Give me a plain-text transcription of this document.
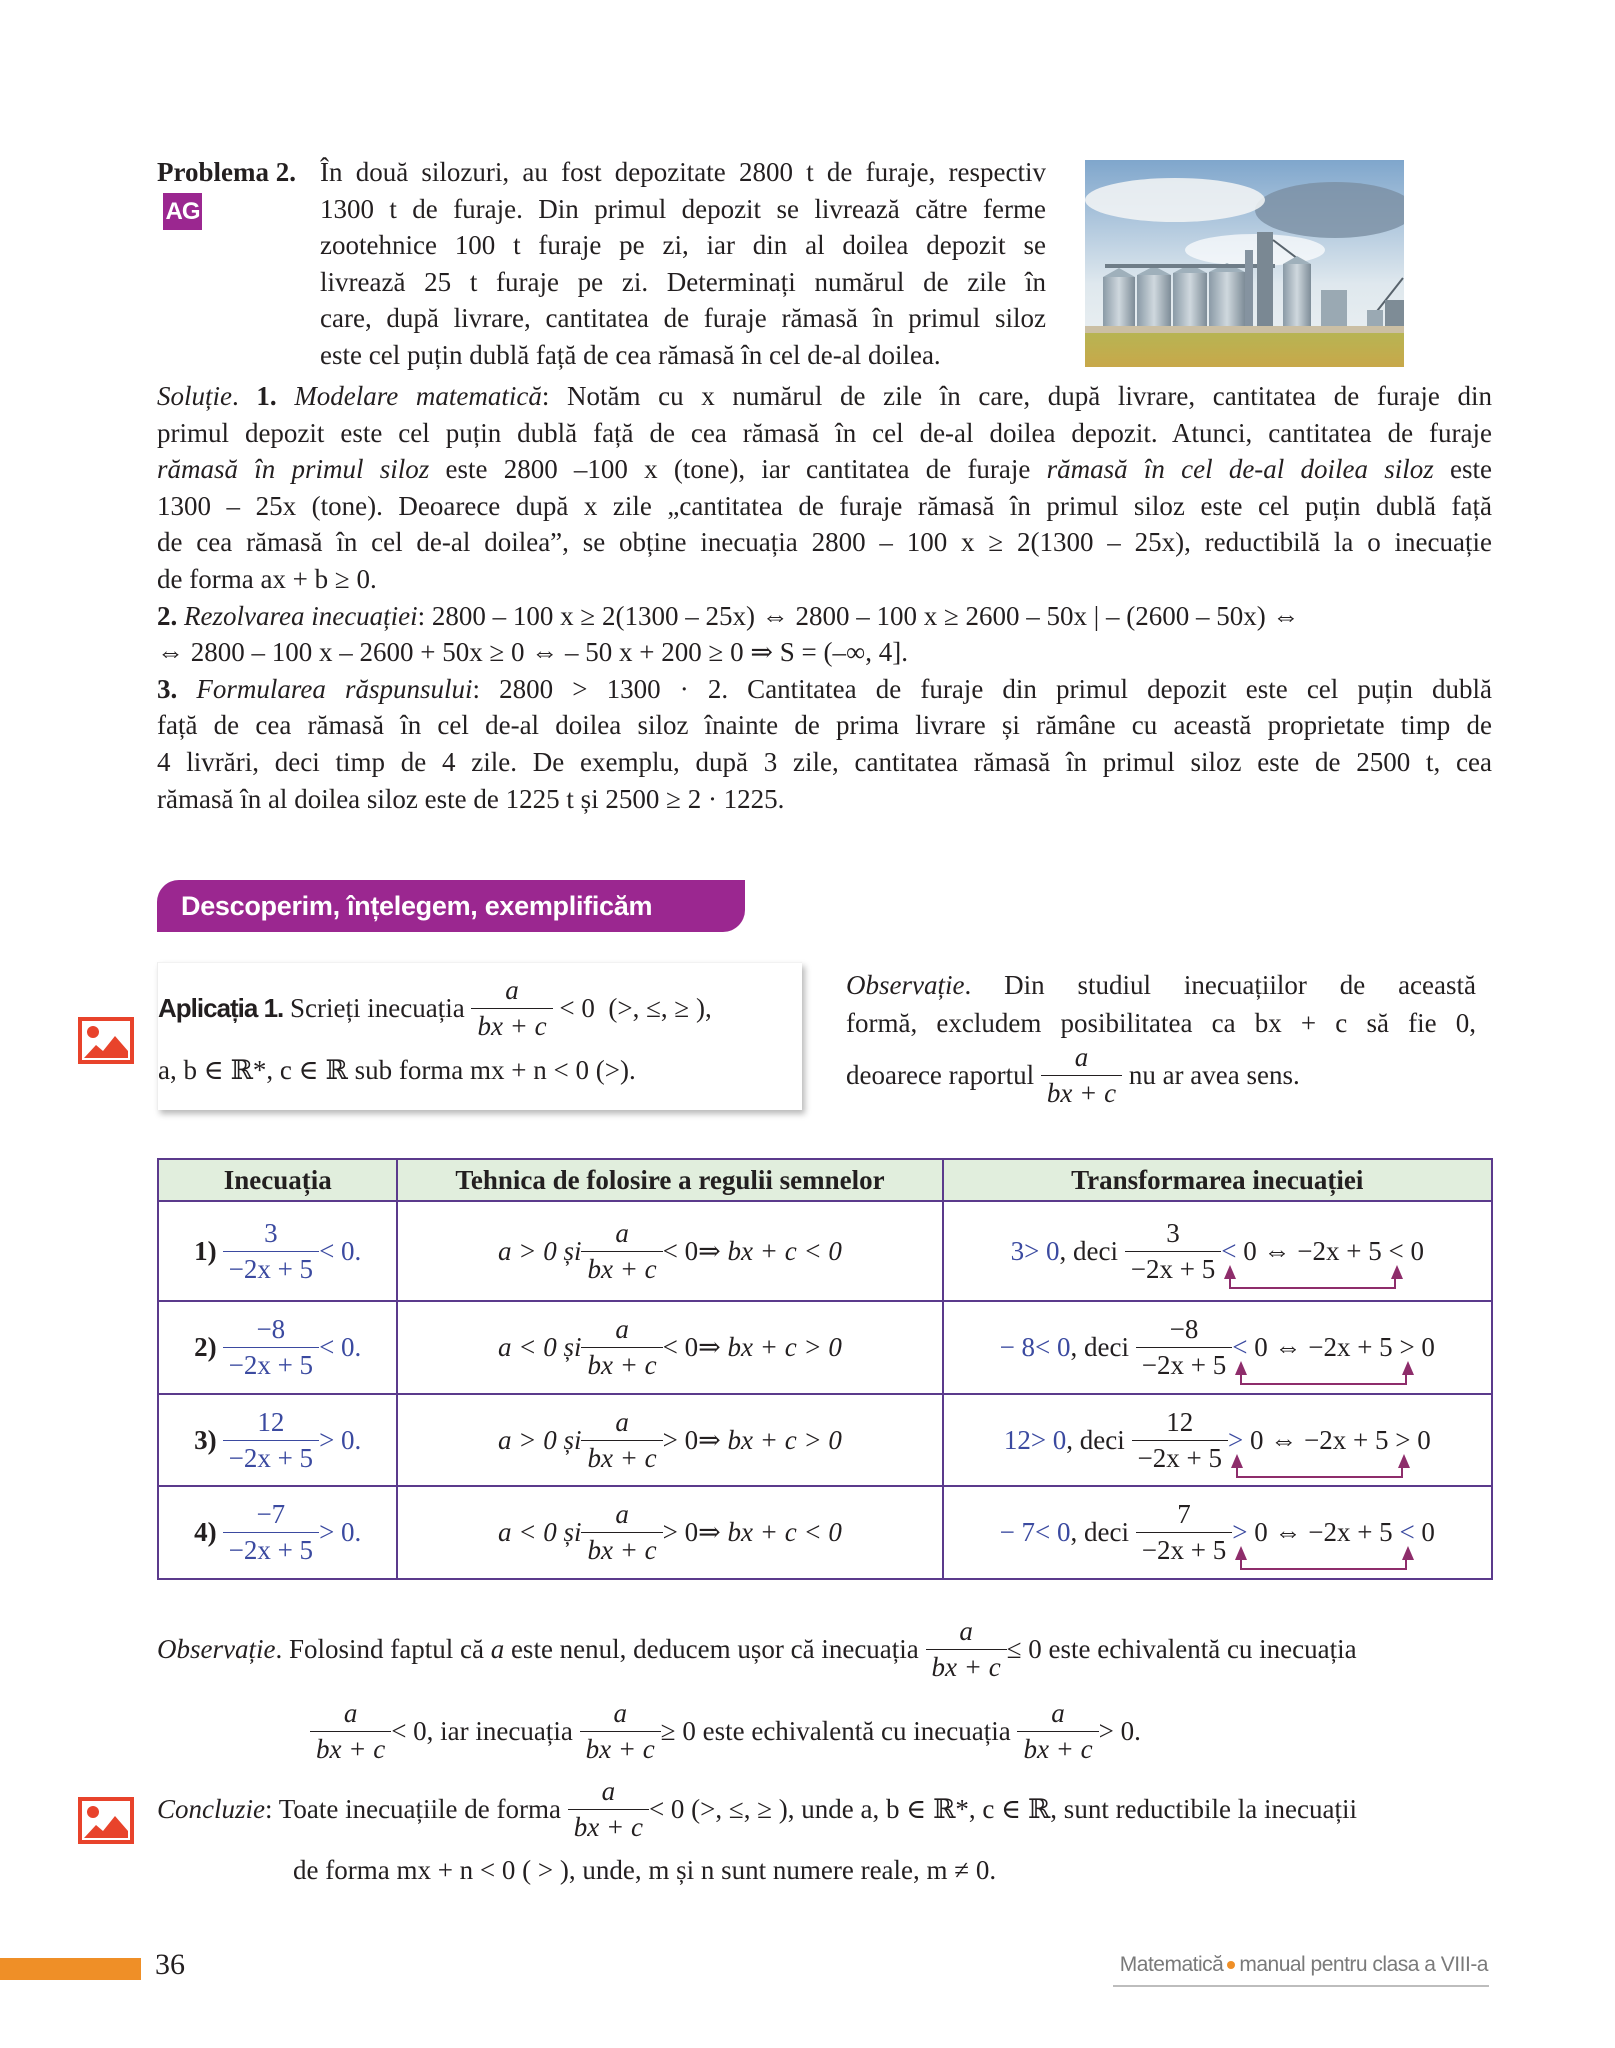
Problema 2.
AG
În două silozuri, au fost depozitate 2800 t de furaje, respectiv
1300 t de furaje. Din primul depozit se livrează către ferme
zootehnice 100 t furaje pe zi, iar din al doilea depozit se
livrează 25 t furaje pe zi. Determinați numărul de zile în
care, după livrare, cantitatea de furaje rămasă în primul siloz
este cel puțin dublă față de cea rămasă în cel de-al doilea.
Soluție. 1. Modelare matematică: Notăm cu x numărul de zile în care, după livrare, cantitatea de furaje din
primul depozit este cel puțin dublă față de cea rămasă în cel de-al doilea depozit. Atunci, cantitatea de furaje
rămasă în primul siloz este 2800 –100 x (tone), iar cantitatea de furaje rămasă în cel de-al doilea siloz este
1300 – 25x (tone). Deoarece după x zile „cantitatea de furaje rămasă în primul siloz este cel puțin dublă față
de cea rămasă în cel de-al doilea”, se obține inecuația 2800 – 100 x ≥ 2(1300 – 25x), reductibilă la o inecuație
de forma ax + b ≥ 0.
2. Rezolvarea inecuației: 2800 – 100 x ≥ 2(1300 – 25x) ⇔ 2800 – 100 x ≥ 2600 – 50x | – (2600 – 50x) ⇔
⇔ 2800 – 100 x – 2600 + 50x ≥ 0 ⇔ – 50 x + 200 ≥ 0 ⇒ S = (–∞, 4].
3. Formularea răspunsului: 2800 > 1300 · 2. Cantitatea de furaje din primul depozit este cel puțin dublă
față de cea rămasă în cel de-al doilea siloz înainte de prima livrare și rămâne cu această proprietate timp de
4 livrări, deci timp de 4 zile. De exemplu, după 3 zile, cantitatea rămasă în primul siloz este de 2500 t, cea
rămasă în al doilea siloz este de 1225 t și 2500 ≥ 2 · 1225.
Descoperim, înțelegem, exemplificăm
Aplicația 1. Scrieți inecuația $\frac{a}{bx + c} < 0$  (>, ≤, ≥ ),
a, b ∈ ℝ*, c ∈ ℝ sub forma mx + n < 0 (>).
Observație. Din studiul inecuațiilor de această
formă, excludem posibilitatea ca bx + c să fie 0,
deoarece raportul $\frac{a}{bx + c}$ nu ar avea sens.
Inecuația	Tehnica de folosire a regulii semnelor	Transformarea inecuației

$1) \frac{3}{-2x + 5} < 0$.	a > 0 și $\frac{a}{bx + c} < 0$ ⇒ bx + c < 0	3 > 0 , deci
$\frac{3}{-2x + 5} < 0$ ⇔ −2x + 5 < 0

$2) \frac{-8}{-2x + 5} < 0$.	a < 0 și $\frac{a}{bx + c} < 0$ ⇒ bx + c > 0	− 8 < 0 , deci
$\frac{-8}{-2x + 5} < 0$ ⇔ −2x + 5 > 0

$3) \frac{12}{-2x + 5} > 0$.	a > 0 și $\frac{a}{bx + c} > 0$ ⇒ bx + c > 0	12 > 0 , deci
$\frac{12}{-2x + 5} > 0$ ⇔ −2x + 5 > 0

$4) \frac{-7}{-2x + 5} > 0$.	a < 0 și $\frac{a}{bx + c} > 0$ ⇒ bx + c < 0	− 7 < 0 , deci
$\frac{7}{-2x + 5} > 0$ ⇔ −2x + 5 < 0
Observație . Folosind faptul că a este nenul, deducem ușor că inecuația $\frac{a}{bx + c} \le 0$ este echivalentă cu inecuația
$\frac{a}{bx + c} < 0$ , iar inecuația $\frac{a}{bx + c} \ge 0$ este echivalentă cu inecuația $\frac{a}{bx + c} > 0$.
Concluzie : Toate inecuațiile de forma $\frac{a}{bx + c} < 0$ (>, ≤, ≥ ), unde a, b ∈ ℝ*, c ∈ ℝ, sunt reductibile la inecuații
de forma mx + n < 0 ( > ), unde, m și n sunt numere reale, m ≠ 0.
36	Matematică manual pentru clasa a VIII-a
